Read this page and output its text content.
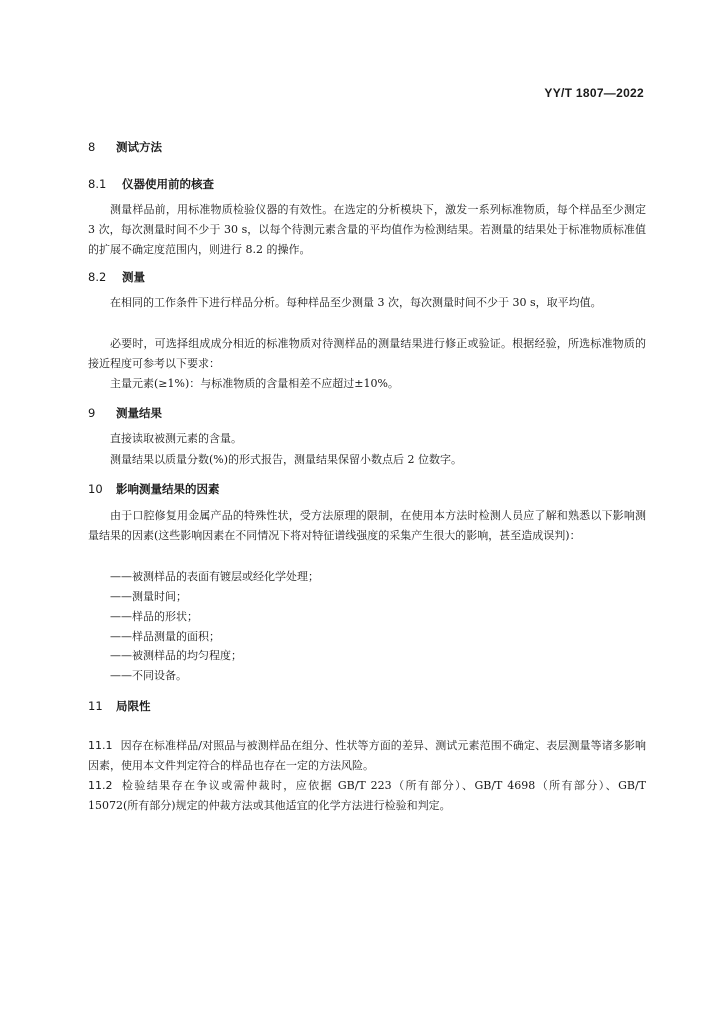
YY/T 1807—2022
8 测试方法
8.1 仪器使用前的核查
测量样品前，用标准物质检验仪器的有效性。在选定的分析模块下，激发一系列标准物质，每个样品至少测定 3 次，每次测量时间不少于 30 s，以每个待测元素含量的平均值作为检测结果。若测量的结果处于标准物质标准值的扩展不确定度范围内，则进行 8.2 的操作。
8.2 测量
在相同的工作条件下进行样品分析。每种样品至少测量 3 次，每次测量时间不少于 30 s，取平均值。
必要时，可选择组成成分相近的标准物质对待测样品的测量结果进行修正或验证。根据经验，所选标准物质的接近程度可参考以下要求：
主量元素(≥1%)：与标准物质的含量相差不应超过±10%。
9 测量结果
直接读取被测元素的含量。
测量结果以质量分数(%)的形式报告，测量结果保留小数点后 2 位数字。
10 影响测量结果的因素
由于口腔修复用金属产品的特殊性状，受方法原理的限制，在使用本方法时检测人员应了解和熟悉以下影响测量结果的因素(这些影响因素在不同情况下将对特征谱线强度的采集产生很大的影响，甚至造成误判)：
——被测样品的表面有镀层或经化学处理；
——测量时间；
——样品的形状；
——样品测量的面积；
——被测样品的均匀程度；
——不同设备。
11 局限性
11.1 因存在标准样品/对照品与被测样品在组分、性状等方面的差异、测试元素范围不确定、表层测量等诸多影响因素，使用本文件判定符合的样品也存在一定的方法风险。
11.2 检验结果存在争议或需仲裁时，应依据 GB/T 223（所有部分）、GB/T 4698（所有部分）、GB/T 15072(所有部分)规定的仲裁方法或其他适宜的化学方法进行检验和判定。
